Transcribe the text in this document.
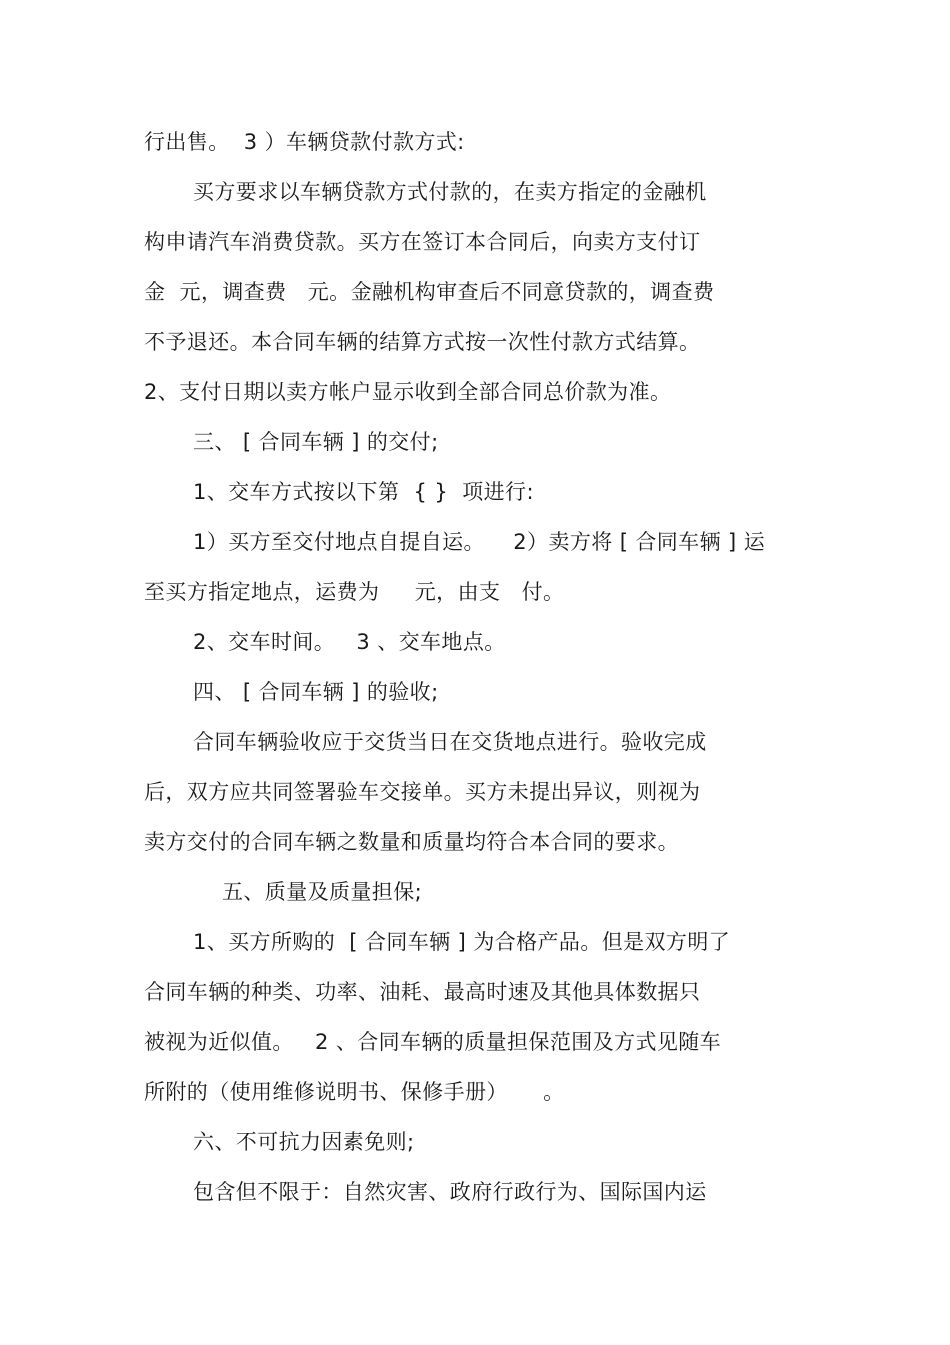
行出售。  3 ）车辆贷款付款方式:
买方要求以车辆贷款方式付款的，在卖方指定的金融机
构申请汽车消费贷款。买方在签订本合同后，向卖方支付订
金  元，调查费   元。金融机构审查后不同意贷款的，调查费
不予退还。本合同车辆的结算方式按一次性付款方式结算。
2、支付日期以卖方帐户显示收到全部合同总价款为准。
三、 [ 合同车辆 ] 的交付;
1、交车方式按以下第  { }  项进行:
1）买方至交付地点自提自运。    2）卖方将 [ 合同车辆 ] 运
至买方指定地点，运费为     元，由支   付。
2、交车时间。   3 、交车地点。
四、 [ 合同车辆 ] 的验收;
合同车辆验收应于交货当日在交货地点进行。验收完成
后，双方应共同签署验车交接单。买方未提出异议，则视为
卖方交付的合同车辆之数量和质量均符合本合同的要求。
五、质量及质量担保;
1、买方所购的  [ 合同车辆 ] 为合格产品。但是双方明了
合同车辆的种类、功率、油耗、最高时速及其他具体数据只
被视为近似值。   2 、合同车辆的质量担保范围及方式见随车
所附的（使用维修说明书、保修手册）     。
六、不可抗力因素免则;
包含但不限于：自然灾害、政府行政行为、国际国内运
